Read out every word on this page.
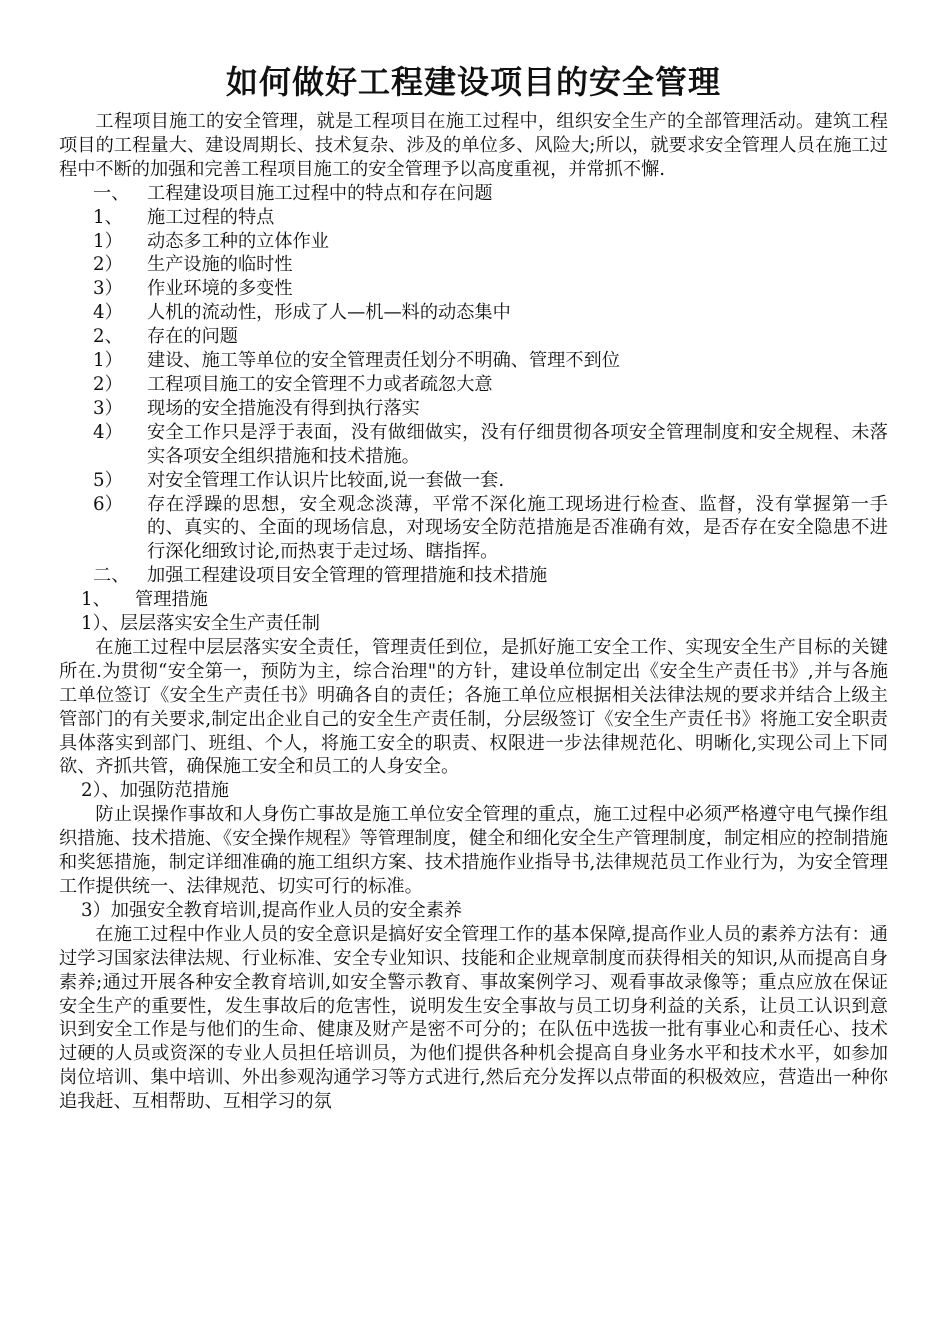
如何做好工程建设项目的安全管理

工程项目施工的安全管理，就是工程项目在施工过程中，组织安全生产的全部管理活动。建筑工程项目的工程量大、建设周期长、技术复杂、涉及的单位多、风险大;所以，就要求安全管理人员在施工过程中不断的加强和完善工程项目施工的安全管理予以高度重视，并常抓不懈.

一、 工程建设项目施工过程中的特点和存在问题

1、 施工过程的特点

1）	动态多工种的立体作业
2）	生产设施的临时性
3）	作业环境的多变性
4）	人机的流动性，形成了人—机—料的动态集中

2、 存在的问题

1）	建设、施工等单位的安全管理责任划分不明确、管理不到位
2）	工程项目施工的安全管理不力或者疏忽大意
3）	现场的安全措施没有得到执行落实
4）	安全工作只是浮于表面，没有做细做实，没有仔细贯彻各项安全管理制度和安全规程、未落实各项安全组织措施和技术措施。
5）	对安全管理工作认识片比较面,说一套做一套.
6）	存在浮躁的思想，安全观念淡薄，平常不深化施工现场进行检查、监督，没有掌握第一手的、真实的、全面的现场信息，对现场安全防范措施是否准确有效，是否存在安全隐患不进行深化细致讨论,而热衷于走过场、瞎指挥。

二、 加强工程建设项目安全管理的管理措施和技术措施

1、 管理措施

1）、层层落实安全生产责任制

在施工过程中层层落实安全责任，管理责任到位，是抓好施工安全工作、实现安全生产目标的关键所在.为贯彻“安全第一，预防为主，综合治理"的方针，建设单位制定出《安全生产责任书》,并与各施工单位签订《安全生产责任书》明确各自的责任；各施工单位应根据相关法律法规的要求并结合上级主管部门的有关要求,制定出企业自己的安全生产责任制，分层级签订《安全生产责任书》将施工安全职责具体落实到部门、班组、个人，将施工安全的职责、权限进一步法律规范化、明晰化,实现公司上下同欲、齐抓共管，确保施工安全和员工的人身安全。

2）、加强防范措施

防止误操作事故和人身伤亡事故是施工单位安全管理的重点，施工过程中必须严格遵守电气操作组织措施、技术措施、《安全操作规程》等管理制度，健全和细化安全生产管理制度，制定相应的控制措施和奖惩措施，制定详细准确的施工组织方案、技术措施作业指导书,法律规范员工作业行为，为安全管理工作提供统一、法律规范、切实可行的标准。

3）加强安全教育培训,提高作业人员的安全素养

在施工过程中作业人员的安全意识是搞好安全管理工作的基本保障,提高作业人员的素养方法有：通过学习国家法律法规、行业标准、安全专业知识、技能和企业规章制度而获得相关的知识,从而提高自身素养;通过开展各种安全教育培训,如安全警示教育、事故案例学习、观看事故录像等；重点应放在保证安全生产的重要性，发生事故后的危害性，说明发生安全事故与员工切身利益的关系，让员工认识到意识到安全工作是与他们的生命、健康及财产是密不可分的；在队伍中选拔一批有事业心和责任心、技术过硬的人员或资深的专业人员担任培训员，为他们提供各种机会提高自身业务水平和技术水平，如参加岗位培训、集中培训、外出参观沟通学习等方式进行,然后充分发挥以点带面的积极效应，营造出一种你追我赶、互相帮助、互相学习的氛
